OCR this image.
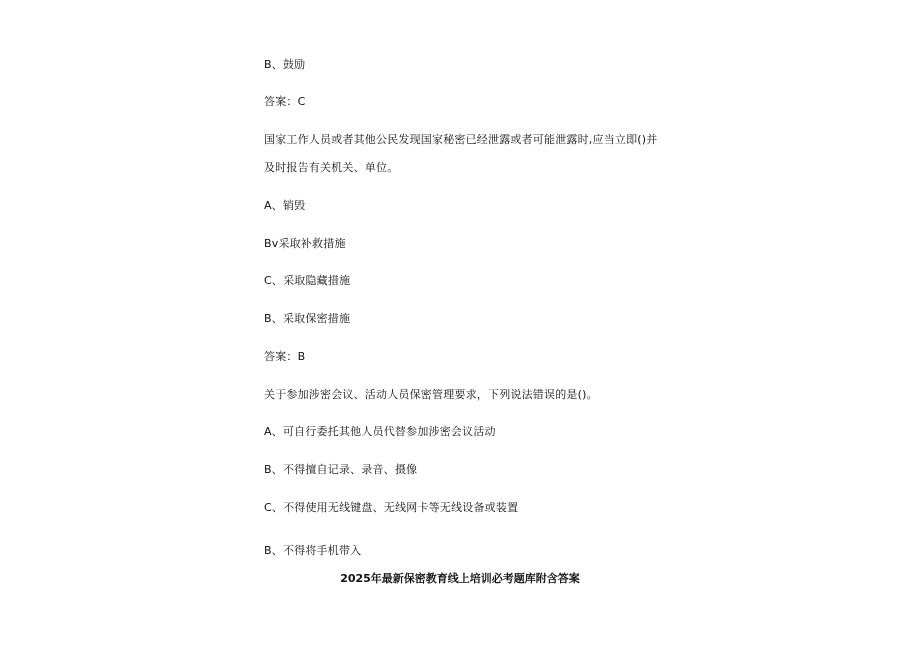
B、鼓励
答案：C
国家工作人员或者其他公民发现国家秘密已经泄露或者可能泄露时,应当立即()并
及时报告有关机关、单位。
A、销毁
Bv采取补救措施
C、采取隐藏措施
B、采取保密措施
答案：B
关于参加涉密会议、活动人员保密管理要求，下列说法错误的是()。
A、可自行委托其他人员代替参加涉密会议活动
B、不得擅自记录、录音、摄像
C、不得使用无线键盘、无线网卡等无线设备或装置
B、不得将手机带入
2025年最新保密教育线上培训必考题库附含答案
